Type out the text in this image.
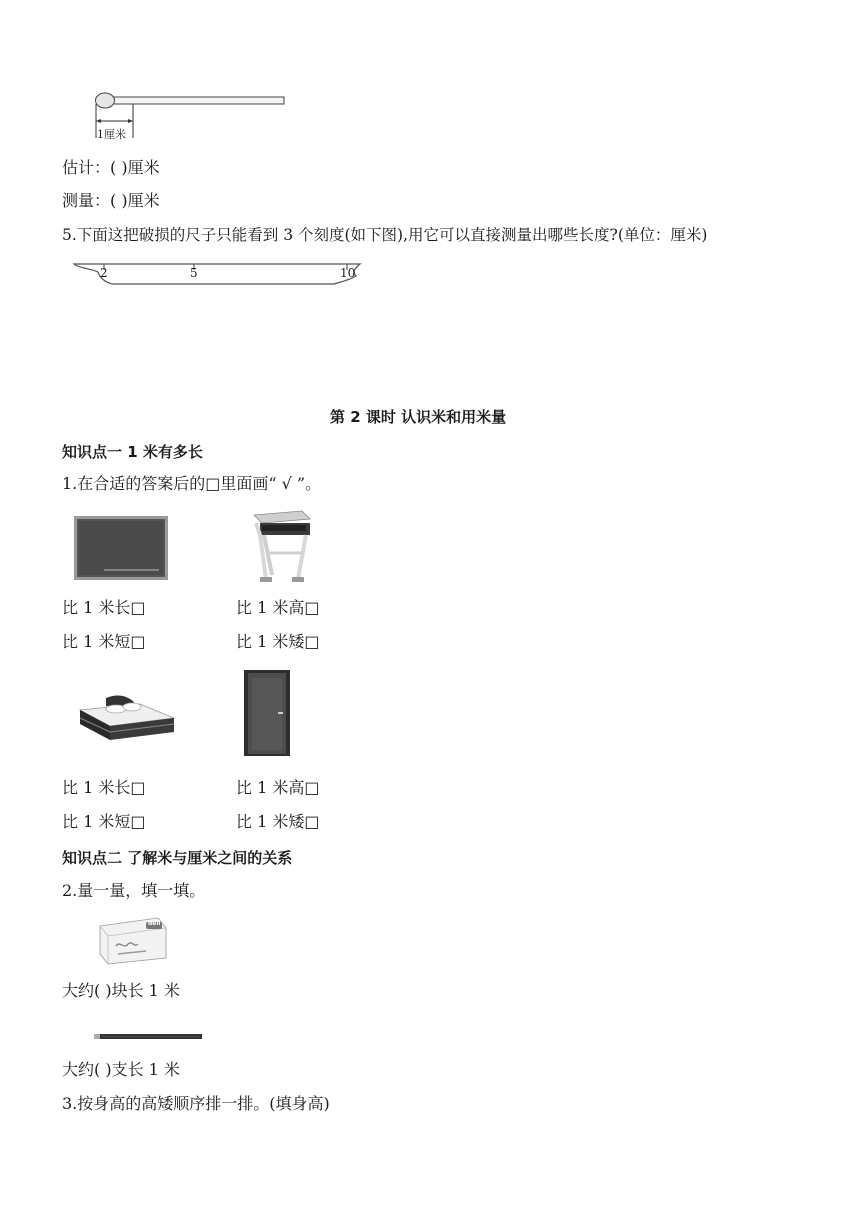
1厘米
估计：( )厘米
测量：( )厘米
5.下面这把破损的尺子只能看到 3 个刻度(如下图),用它可以直接测量出哪些长度?(单位：厘米)
2	5	10
第 2 课时 认识米和用米量
知识点一 1 米有多长
1.在合适的答案后的□里面画“ √ ”。
比 1 米长□
比 1 米短□
比 1 米高□
比 1 米矮□
比 1 米长□
比 1 米短□
比 1 米高□
比 1 米矮□
知识点二 了解米与厘米之间的关系
2.量一量，填一填。
deli
大约( )块长 1 米
大约( )支长 1 米
3.按身高的高矮顺序排一排。(填身高)
